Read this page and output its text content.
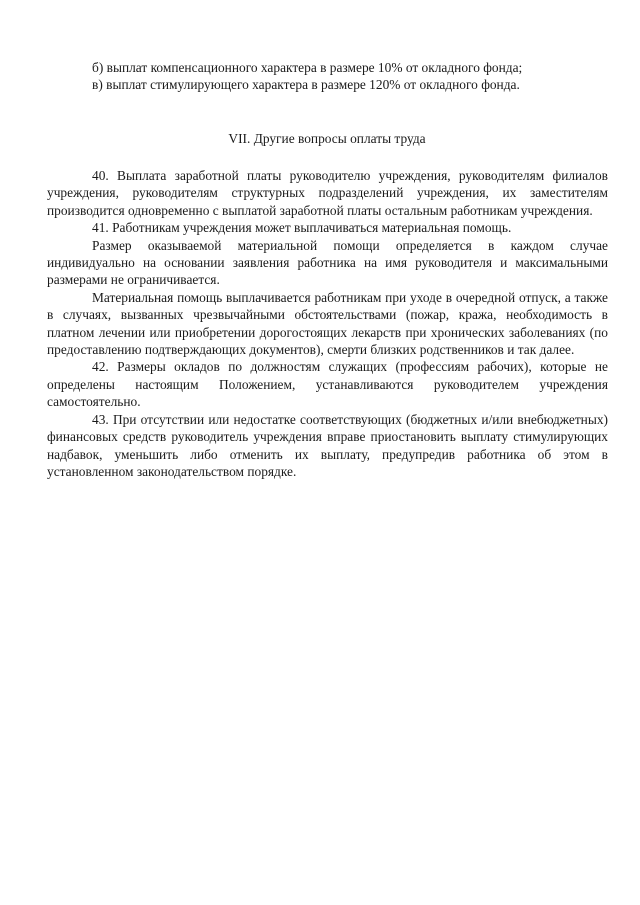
б) выплат компенсационного характера в размере 10% от окладного фонда;

в) выплат стимулирующего характера в размере 120% от окладного фонда.

VII. Другие вопросы оплаты труда

40. Выплата заработной платы руководителю учреждения, руководителям филиалов учреждения, руководителям структурных подразделений учреждения, их заместителям производится одновременно с выплатой заработной платы остальным работникам учреждения.

41. Работникам учреждения может выплачиваться материальная помощь.

Размер оказываемой материальной помощи определяется в каждом случае индивидуально на основании заявления работника на имя руководителя и максимальными размерами не ограничивается.

Материальная помощь выплачивается работникам при уходе в очередной отпуск, а также в случаях, вызванных чрезвычайными обстоятельствами (пожар, кража, необходимость в платном лечении или приобретении дорогостоящих лекарств при хронических заболеваниях (по предоставлению подтверждающих документов), смерти близких родственников и так далее.

42. Размеры окладов по должностям служащих (профессиям рабочих), которые не определены настоящим Положением, устанавливаются руководителем учреждения самостоятельно.

43. При отсутствии или недостатке соответствующих (бюджетных и/или внебюджетных) финансовых средств руководитель учреждения вправе приостановить выплату стимулирующих надбавок, уменьшить либо отменить их выплату, предупредив работника об этом в установленном законодательством порядке.
